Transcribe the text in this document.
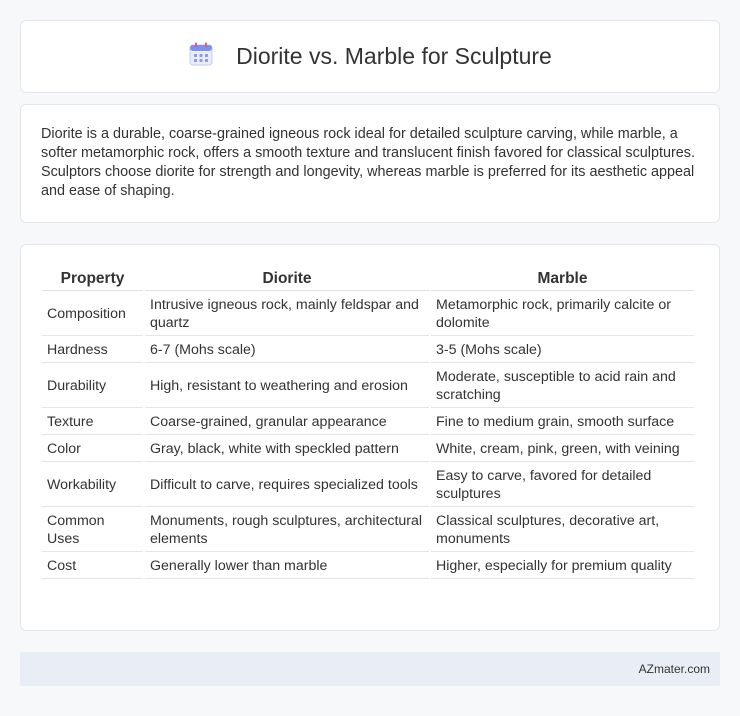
Diorite vs. Marble for Sculpture

Diorite is a durable, coarse-grained igneous rock ideal for detailed sculpture carving, while marble, a softer metamorphic rock, offers a smooth texture and translucent finish favored for classical sculptures. Sculptors choose diorite for strength and longevity, whereas marble is preferred for its aesthetic appeal and ease of shaping.

Property	Diorite	Marble
Composition	Intrusive igneous rock, mainly feldspar and quartz	Metamorphic rock, primarily calcite or dolomite
Hardness	6-7 (Mohs scale)	3-5 (Mohs scale)
Durability	High, resistant to weathering and erosion	Moderate, susceptible to acid rain and scratching
Texture	Coarse-grained, granular appearance	Fine to medium grain, smooth surface
Color	Gray, black, white with speckled pattern	White, cream, pink, green, with veining
Workability	Difficult to carve, requires specialized tools	Easy to carve, favored for detailed sculptures
Common Uses	Monuments, rough sculptures, architectural elements	Classical sculptures, decorative art, monuments
Cost	Generally lower than marble	Higher, especially for premium quality
AZmater.com
